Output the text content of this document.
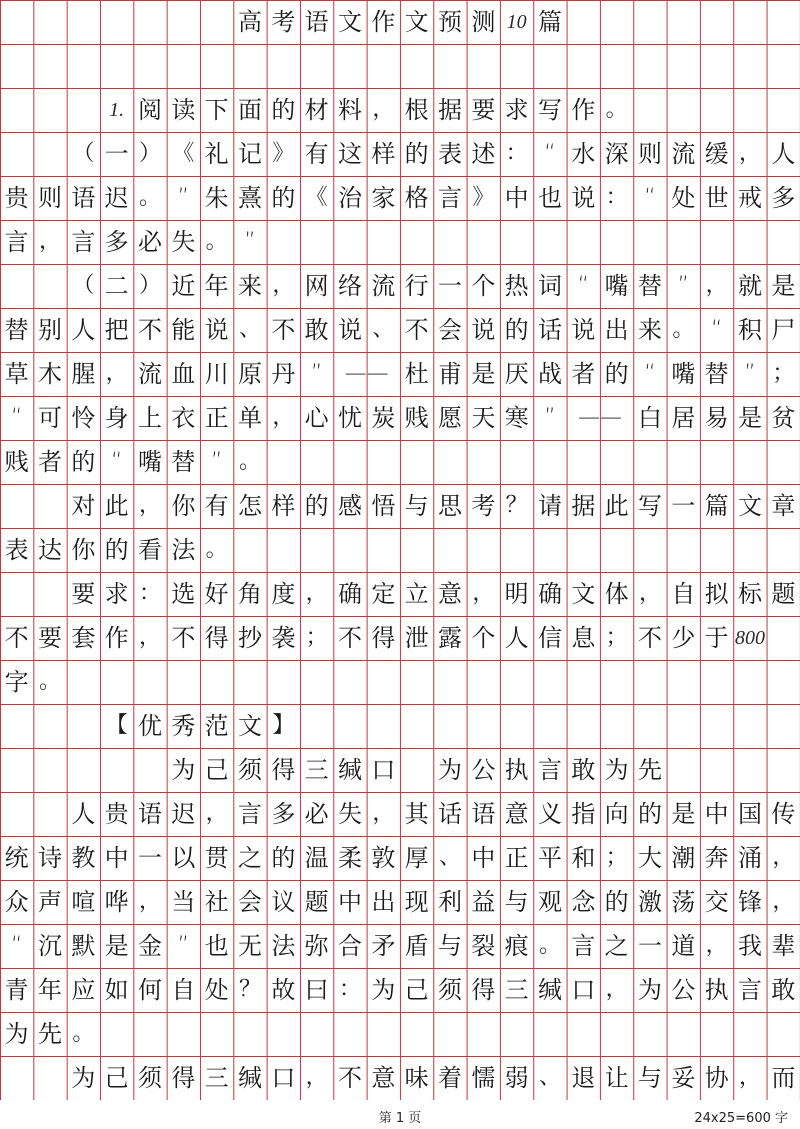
高 考 语 文 作 文 预 测 10 篇
1. 阅 读 下 面 的 材 料 ， 根 据 要 求 写 作 。
（ 一 ） 《 礼 记 》 有 这 样 的 表 述 ： “ 水 深 则 流 缓 ， 人
贵 则 语 迟 。 ” 朱 熹 的 《 治 家 格 言 》 中 也 说 ： “ 处 世 戒 多
言 ， 言 多 必 失 。 ”
（ 二 ） 近 年 来 ， 网 络 流 行 一 个 热 词 “ 嘴 替 ” ， 就 是
替 别 人 把 不 能 说 、 不 敢 说 、 不 会 说 的 话 说 出 来 。 “ 积 尸
草 木 腥 ， 流 血 川 原 丹 ”	—— 杜 甫 是 厌 战 者 的 “ 嘴 替 ” ；
“ 可 怜 身 上 衣 正 单 ， 心 忧 炭 贱 愿 天 寒 ”	—— 白 居 易 是 贫
贱 者 的 “ 嘴 替 ” 。
对 此 ， 你 有 怎 样 的 感 悟 与 思 考 ？ 请 据 此 写 一 篇 文 章
表 达 你 的 看 法 。
要 求 ： 选 好 角 度 ， 确 定 立 意 ， 明 确 文 体 ， 自 拟 标 题
不 要 套 作 ， 不 得 抄 袭 ； 不 得 泄 露 个 人 信 息 ； 不 少 于 800
字 。
【 优 秀 范 文 】
为 己 须 得 三 缄 口 为 公 执 言 敢 为 先
人 贵 语 迟 ， 言 多 必 失 ， 其 话 语 意 义 指 向 的 是 中 国 传
统 诗 教 中 一 以 贯 之 的 温 柔 敦 厚 、 中 正 平 和 ； 大 潮 奔 涌 ，
众 声 喧 哗 ， 当 社 会 议 题 中 出 现 利 益 与 观 念 的 激 荡 交 锋 ，
“ 沉 默 是 金 ” 也 无 法 弥 合 矛 盾 与 裂 痕 。 言 之 一 道 ， 我 辈
青 年 应 如 何 自 处 ？ 故 曰 ： 为 己 须 得 三 缄 口 ， 为 公 执 言 敢
为 先 。
为 己 须 得 三 缄 口 ， 不 意 味 着 懦 弱 、 退 让 与 妥 协 ， 而
第 1 页	24x25=600 字
